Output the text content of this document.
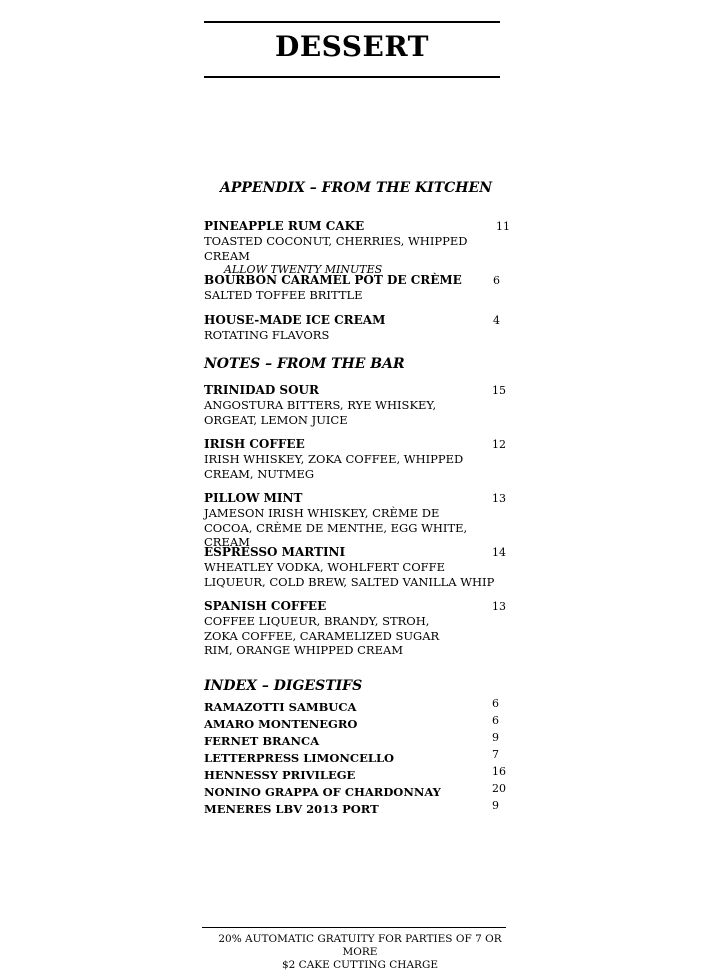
DESSERT
APPENDIX – FROM THE KITCHEN
PINEAPPLE RUM CAKE	11
TOASTED COCONUT, CHERRIES, WHIPPED CREAM
ALLOW TWENTY MINUTES
BOURBON CARAMEL POT DE CRÈME	6
SALTED TOFFEE BRITTLE
HOUSE-MADE ICE CREAM	4
ROTATING FLAVORS
NOTES – FROM THE BAR
TRINIDAD SOUR	15
ANGOSTURA BITTERS, RYE WHISKEY, ORGEAT, LEMON JUICE
IRISH COFFEE	12
IRISH WHISKEY, ZOKA COFFEE, WHIPPED CREAM, NUTMEG
PILLOW MINT	13
JAMESON IRISH WHISKEY, CRÈME DE COCOA, CRÈME DE MENTHE, EGG WHITE, CREAM
ESPRESSO MARTINI	14
WHEATLEY VODKA, WOHLFERT COFFE LIQUEUR, COLD BREW, SALTED VANILLA WHIP
SPANISH COFFEE	13
COFFEE LIQUEUR, BRANDY, STROH, ZOKA COFFEE, CARAMELIZED SUGAR RIM, ORANGE WHIPPED CREAM
INDEX – DIGESTIFS
RAMAZOTTI SAMBUCA	6
AMARO MONTENEGRO	6
FERNET BRANCA	9
LETTERPRESS LIMONCELLO	7
HENNESSY PRIVILEGE	16
NONINO GRAPPA OF CHARDONNAY	20
MENERES LBV 2013 PORT	9
20% AUTOMATIC GRATUITY FOR PARTIES OF 7 OR MORE
$2 CAKE CUTTING CHARGE
